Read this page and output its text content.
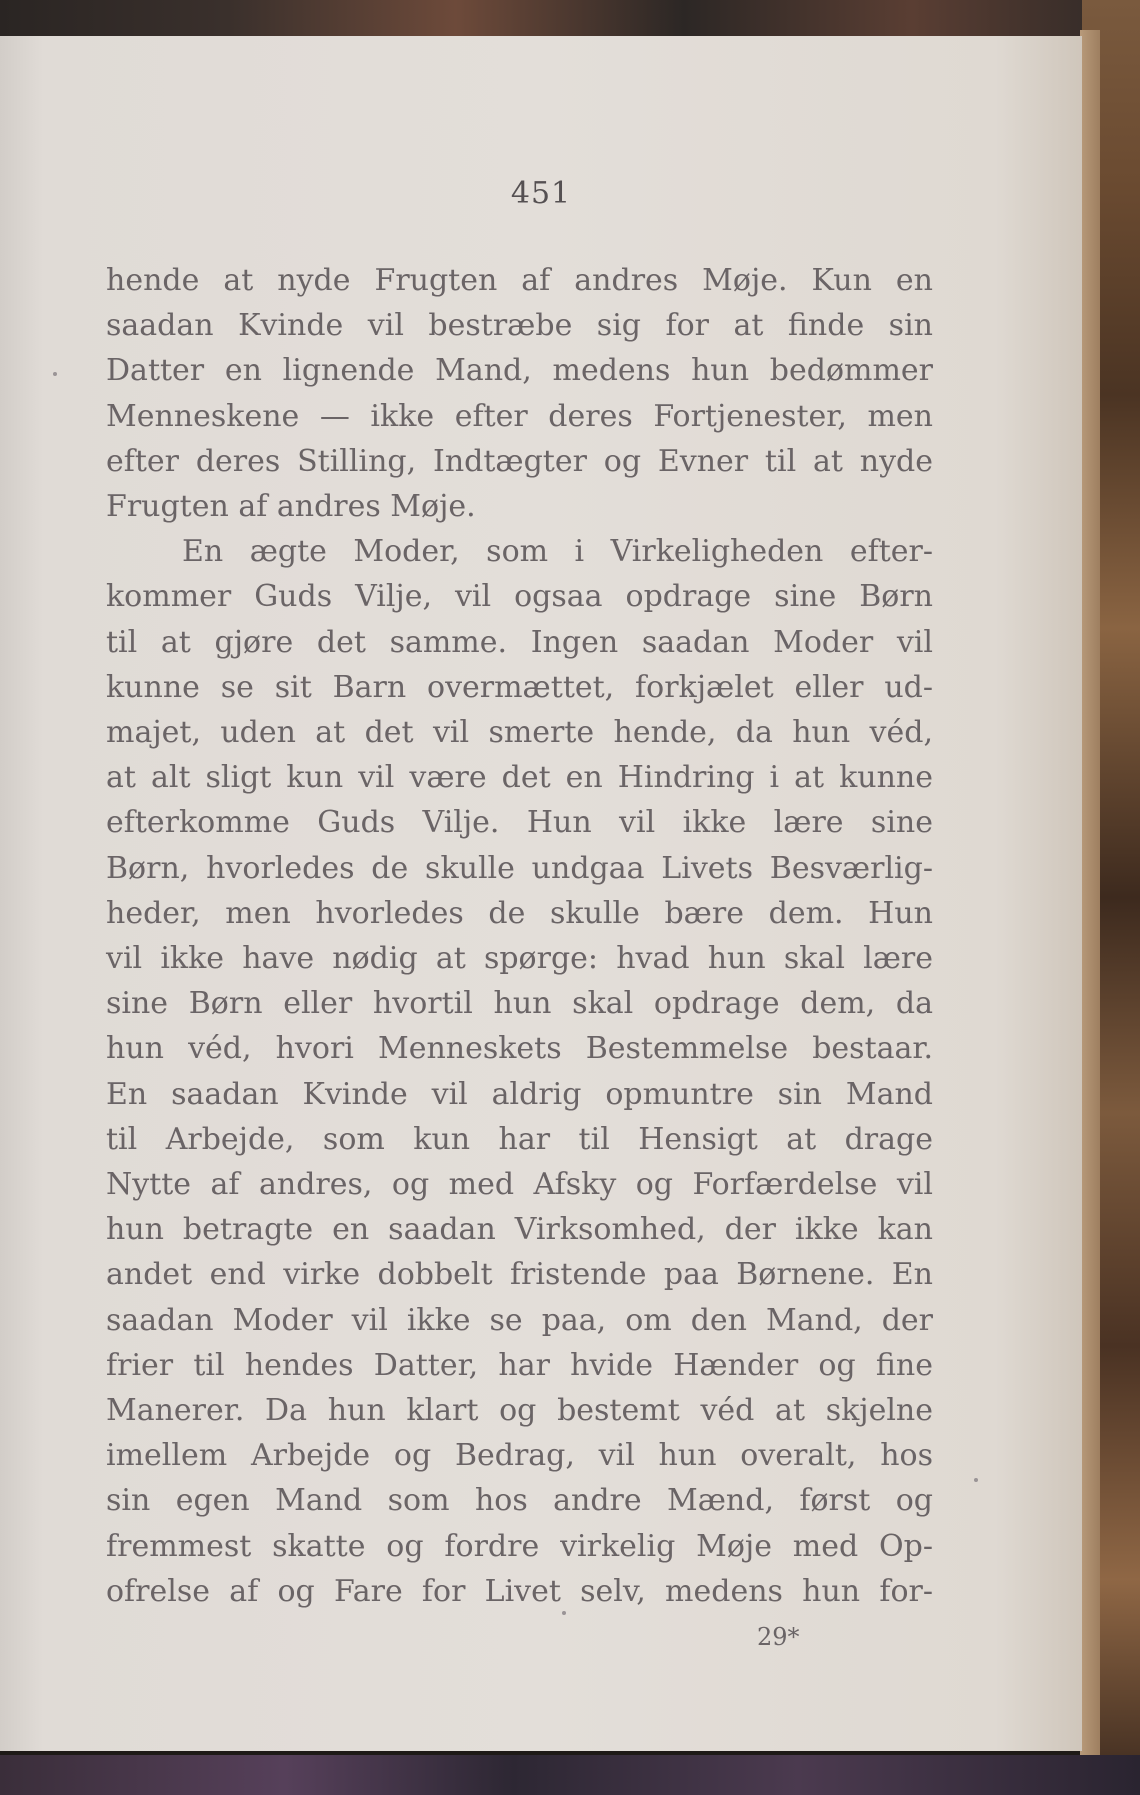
451
hende at nyde Frugten af andres Møje. Kun en
saadan Kvinde vil bestræbe sig for at finde sin
Datter en lignende Mand, medens hun bedømmer
Menneskene — ikke efter deres Fortjenester, men
efter deres Stilling, Indtægter og Evner til at nyde
Frugten af andres Møje.
En ægte Moder, som i Virkeligheden efter-
kommer Guds Vilje, vil ogsaa opdrage sine Børn
til at gjøre det samme. Ingen saadan Moder vil
kunne se sit Barn overmættet, forkjælet eller ud-
majet, uden at det vil smerte hende, da hun véd,
at alt sligt kun vil være det en Hindring i at kunne
efterkomme Guds Vilje. Hun vil ikke lære sine
Børn, hvorledes de skulle undgaa Livets Besværlig-
heder, men hvorledes de skulle bære dem. Hun
vil ikke have nødig at spørge: hvad hun skal lære
sine Børn eller hvortil hun skal opdrage dem, da
hun véd, hvori Menneskets Bestemmelse bestaar.
En saadan Kvinde vil aldrig opmuntre sin Mand
til Arbejde, som kun har til Hensigt at drage
Nytte af andres, og med Afsky og Forfærdelse vil
hun betragte en saadan Virksomhed, der ikke kan
andet end virke dobbelt fristende paa Børnene. En
saadan Moder vil ikke se paa, om den Mand, der
frier til hendes Datter, har hvide Hænder og fine
Manerer. Da hun klart og bestemt véd at skjelne
imellem Arbejde og Bedrag, vil hun overalt, hos
sin egen Mand som hos andre Mænd, først og
fremmest skatte og fordre virkelig Møje med Op-
ofrelse af og Fare for Livet selv, medens hun for-
29*
